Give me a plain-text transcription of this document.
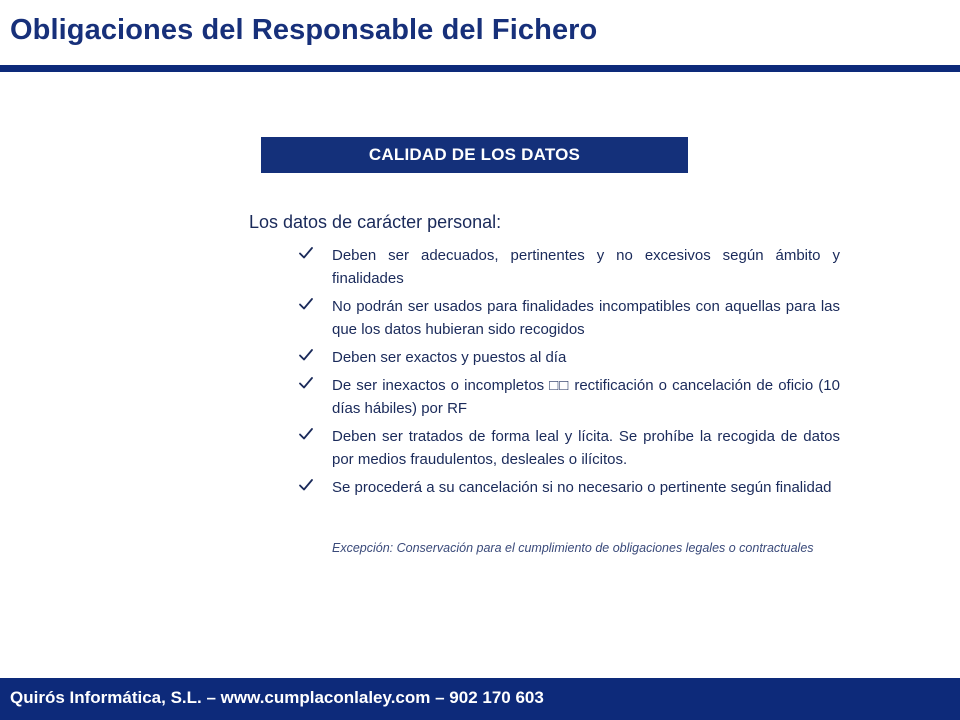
Obligaciones del Responsable del Fichero
CALIDAD DE LOS DATOS
Los datos de carácter personal:
Deben ser adecuados, pertinentes y no excesivos según ámbito y finalidades
No podrán ser usados para finalidades incompatibles con aquellas para las que los datos hubieran sido recogidos
Deben ser exactos y puestos al día
De ser inexactos o incompletos □□ rectificación o cancelación de oficio (10 días hábiles) por RF
Deben ser tratados de forma leal y lícita. Se prohíbe la recogida de datos por medios fraudulentos, desleales o ilícitos.
Se procederá a su cancelación si no necesario o pertinente según finalidad
Excepción: Conservación para el cumplimiento de obligaciones legales o contractuales
Quirós Informática, S.L. – www.cumplaconlaley.com – 902 170 603
